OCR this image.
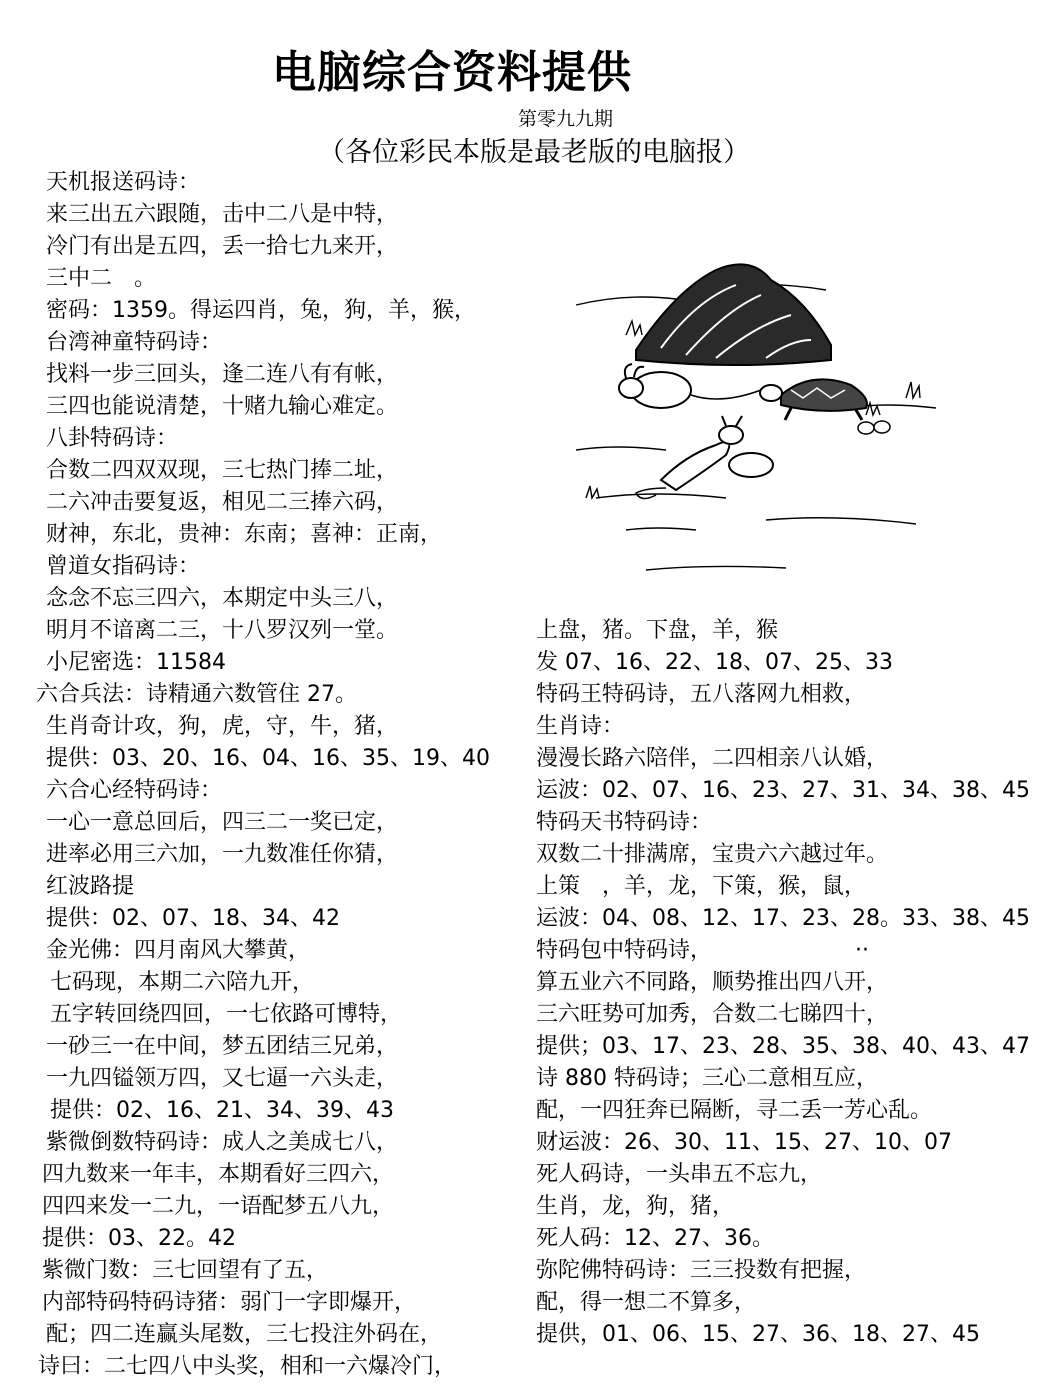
电脑综合资料提供
第零九九期
（各位彩民本版是最老版的电脑报）
天机报送码诗：
来三出五六跟随，击中二八是中特，
冷门有出是五四，丢一拾七九来开，
三中二　。
密码：1359。得运四肖，兔，狗，羊，猴，
台湾神童特码诗：
找料一步三回头，逢二连八有有帐，
三四也能说清楚，十赌九输心难定。
八卦特码诗：
合数二四双双现，三七热门捧二址，
二六冲击要复返，相见二三捧六码，
财神，东北，贵神：东南；喜神：正南，
曾道女指码诗：
念念不忘三四六，本期定中头三八，
明月不谙离二三，十八罗汉列一堂。
小尼密选：11584
六合兵法：诗精通六数管住 27。
生肖奇计攻，狗，虎，守，牛，猪，
提供：03、20、16、04、16、35、19、40
六合心经特码诗：
一心一意总回后，四三二一奖已定，
进率必用三六加，一九数准任你猜，
红波路提
提供：02、07、18、34、42
金光佛：四月南风大攀黄，
七码现，本期二六陪九开，
五字转回绕四回，一七依路可博特，
一砂三一在中间，梦五团结三兄弟，
一九四镒领万四，又七逼一六头走，
提供：02、16、21、34、39、43
紫微倒数特码诗：成人之美成七八，
四九数来一年丰，本期看好三四六，
四四来发一二九，一语配梦五八九，
提供：03、22。42
紫微门数：三七回望有了五，
内部特码特码诗猪：弱门一字即爆开，
配；四二连赢头尾数，三七投注外码在，
诗曰：二七四八中头奖，相和一六爆冷门，
上盘，猪。下盘，羊，猴
发 07、16、22、18、07、25、33
特码王特码诗，五八落网九相救，
生肖诗：
漫漫长路六陪伴，二四相亲八认婚，
运波：02、07、16、23、27、31、34、38、45
特码天书特码诗：
双数二十排满席，宝贵六六越过年。
上策　，羊，龙，下策，猴，鼠，
运波：04、08、12、17、23、28。33、38、45
特码包中特码诗，　　　　　　　··
算五业六不同路，顺势推出四八开，
三六旺势可加秀，合数二七睇四十，
提供；03、17、23、28、35、38、40、43、47
诗 880 特码诗；三心二意相互应，
配，一四狂奔已隔断，寻二丢一芳心乱。
财运波：26、30、11、15、27、10、07
死人码诗，一头串五不忘九，
生肖，龙，狗，猪，
死人码：12、27、36。
弥陀佛特码诗：三三投数有把握，
配，得一想二不算多，
提供，01、06、15、27、36、18、27、45
